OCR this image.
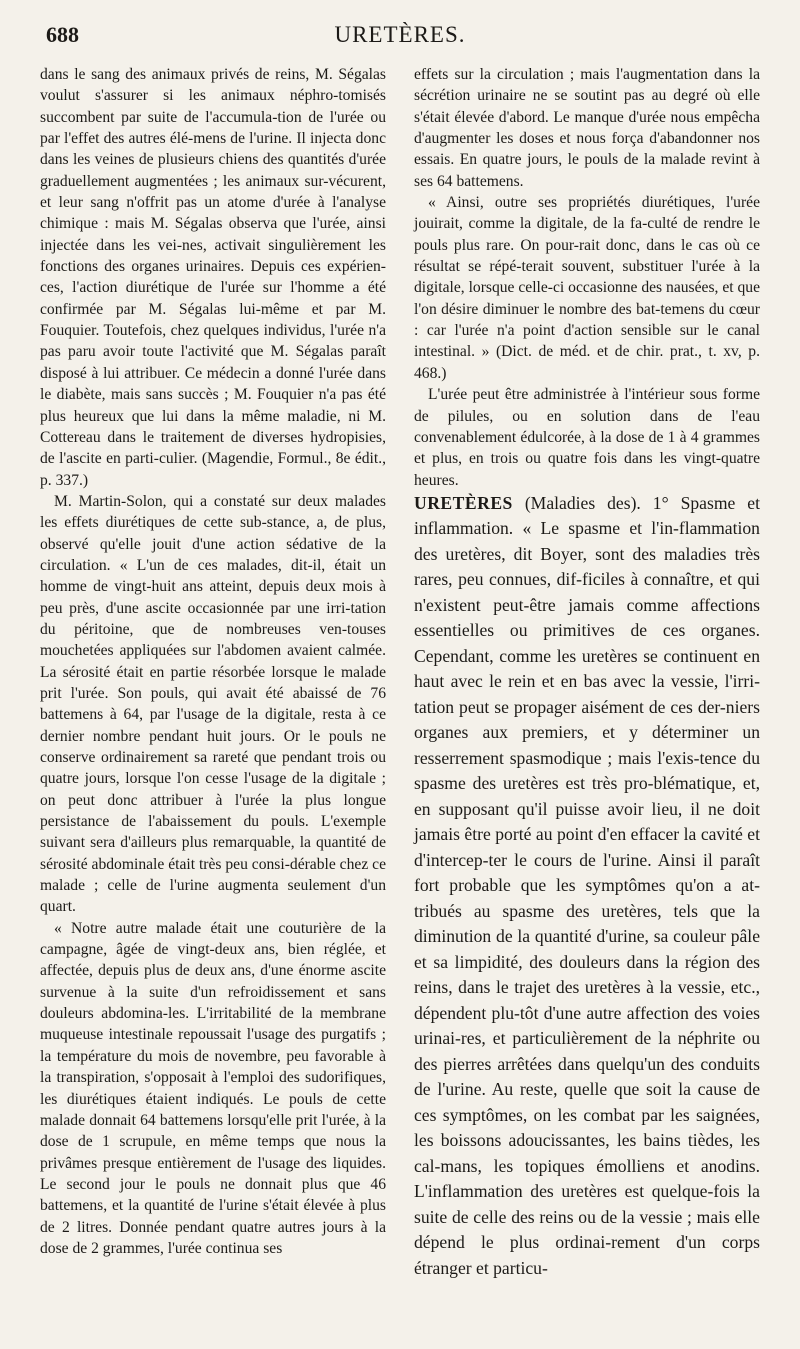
688	URETÈRES.

dans le sang des animaux privés de reins, M. Ségalas voulut s'assurer si les animaux néphro-tomisés succombent par suite de l'accumula-tion de l'urée ou par l'effet des autres élé-mens de l'urine. Il injecta donc dans les veines de plusieurs chiens des quantités d'urée graduellement augmentées ; les animaux sur-vécurent, et leur sang n'offrit pas un atome d'urée à l'analyse chimique : mais M. Ségalas observa que l'urée, ainsi injectée dans les vei-nes, activait singulièrement les fonctions des organes urinaires. Depuis ces expérien-ces, l'action diurétique de l'urée sur l'homme a été confirmée par M. Ségalas lui-même et par M. Fouquier. Toutefois, chez quelques individus, l'urée n'a pas paru avoir toute l'activité que M. Ségalas paraît disposé à lui attribuer. Ce médecin a donné l'urée dans le diabète, mais sans succès ; M. Fouquier n'a pas été plus heureux que lui dans la même maladie, ni M. Cottereau dans le traitement de diverses hydropisies, de l'ascite en parti-culier. (Magendie, Formul., 8e édit., p. 337.)

M. Martin-Solon, qui a constaté sur deux malades les effets diurétiques de cette sub-stance, a, de plus, observé qu'elle jouit d'une action sédative de la circulation. « L'un de ces malades, dit-il, était un homme de vingt-huit ans atteint, depuis deux mois à peu près, d'une ascite occasionnée par une irri-tation du péritoine, que de nombreuses ven-touses mouchetées appliquées sur l'abdomen avaient calmée. La sérosité était en partie résorbée lorsque le malade prit l'urée. Son pouls, qui avait été abaissé de 76 battemens à 64, par l'usage de la digitale, resta à ce dernier nombre pendant huit jours. Or le pouls ne conserve ordinairement sa rareté que pendant trois ou quatre jours, lorsque l'on cesse l'usage de la digitale ; on peut donc attribuer à l'urée la plus longue persistance de l'abaissement du pouls. L'exemple suivant sera d'ailleurs plus remarquable, la quantité de sérosité abdominale était très peu consi-dérable chez ce malade ; celle de l'urine augmenta seulement d'un quart.

« Notre autre malade était une couturière de la campagne, âgée de vingt-deux ans, bien réglée, et affectée, depuis plus de deux ans, d'une énorme ascite survenue à la suite d'un refroidissement et sans douleurs abdomina-les. L'irritabilité de la membrane muqueuse intestinale repoussait l'usage des purgatifs ; la température du mois de novembre, peu favorable à la transpiration, s'opposait à l'emploi des sudorifiques, les diurétiques étaient indiqués. Le pouls de cette malade donnait 64 battemens lorsqu'elle prit l'urée, à la dose de 1 scrupule, en même temps que nous la privâmes presque entièrement de l'usage des liquides. Le second jour le pouls ne donnait plus que 46 battemens, et la quantité de l'urine s'était élevée à plus de 2 litres. Donnée pendant quatre autres jours à la dose de 2 grammes, l'urée continua ses

effets sur la circulation ; mais l'augmentation dans la sécrétion urinaire ne se soutint pas au degré où elle s'était élevée d'abord. Le manque d'urée nous empêcha d'augmenter les doses et nous força d'abandonner nos essais. En quatre jours, le pouls de la malade revint à ses 64 battemens.

« Ainsi, outre ses propriétés diurétiques, l'urée jouirait, comme la digitale, de la fa-culté de rendre le pouls plus rare. On pour-rait donc, dans le cas où ce résultat se répé-terait souvent, substituer l'urée à la digitale, lorsque celle-ci occasionne des nausées, et que l'on désire diminuer le nombre des bat-temens du cœur : car l'urée n'a point d'action sensible sur le canal intestinal. » (Dict. de méd. et de chir. prat., t. xv, p. 468.)

L'urée peut être administrée à l'intérieur sous forme de pilules, ou en solution dans de l'eau convenablement édulcorée, à la dose de 1 à 4 grammes et plus, en trois ou quatre fois dans les vingt-quatre heures.

URETÈRES (Maladies des). 1° Spasme et inflammation. « Le spasme et l'in-flammation des uretères, dit Boyer, sont des maladies très rares, peu connues, dif-ficiles à connaître, et qui n'existent peut-être jamais comme affections essentielles ou primitives de ces organes. Cependant, comme les uretères se continuent en haut avec le rein et en bas avec la vessie, l'irri-tation peut se propager aisément de ces der-niers organes aux premiers, et y déterminer un resserrement spasmodique ; mais l'exis-tence du spasme des uretères est très pro-blématique, et, en supposant qu'il puisse avoir lieu, il ne doit jamais être porté au point d'en effacer la cavité et d'intercep-ter le cours de l'urine. Ainsi il paraît fort probable que les symptômes qu'on a at-tribués au spasme des uretères, tels que la diminution de la quantité d'urine, sa couleur pâle et sa limpidité, des douleurs dans la région des reins, dans le trajet des uretères à la vessie, etc., dépendent plu-tôt d'une autre affection des voies urinai-res, et particulièrement de la néphrite ou des pierres arrêtées dans quelqu'un des conduits de l'urine. Au reste, quelle que soit la cause de ces symptômes, on les combat par les saignées, les boissons adoucissantes, les bains tièdes, les cal-mans, les topiques émolliens et anodins. L'inflammation des uretères est quelque-fois la suite de celle des reins ou de la vessie ; mais elle dépend le plus ordinai-rement d'un corps étranger et particu-
